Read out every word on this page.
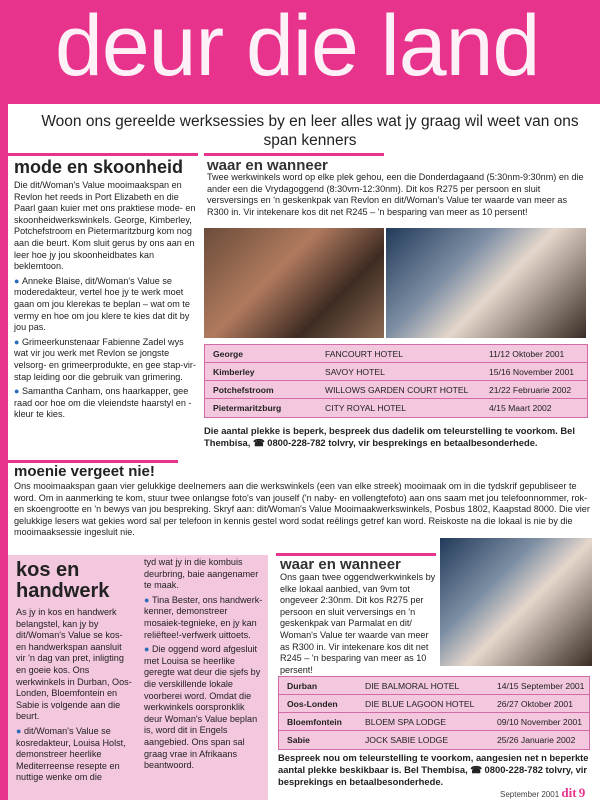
deur die land
Woon ons gereelde werksessies by en leer alles wat jy graag wil weet van ons span kenners
mode en skoonheid

Die dit/Woman's Value mooimaakspan en Revlon het reeds in Port Elizabeth en die Paarl gaan kuier met ons praktiese mode- en skoonheidwerkswinkels. George, Kimberley, Potchefstroom en Pietermaritzburg kom nog aan die beurt. Kom sluit gerus by ons aan en leer hoe jy jou skoonheidbates kan beklemtoon.

● Anneke Blaise, dit/Woman's Value se moderedakteur, vertel hoe jy te werk moet gaan om jou klerekas te beplan – wat om te vermy en hoe om jou klere te kies dat dit by jou pas.

● Grimeerkunstenaar Fabienne Zadel wys wat vir jou werk met Revlon se jongste velsorg- en grimeerprodukte, en gee stap-vir-stap leiding oor die gebruik van grimering.

● Samantha Canham, ons haarkapper, gee raad oor hoe om die vleiendste haarstyl en -kleur te kies.

waar en wanneer
Twee werkwinkels word op elke plek gehou, een die Donderdagaand (5:30nm-9:30nm) en die ander een die Vrydagoggend (8:30vm-12:30nm). Dit kos R275 per persoon en sluit versversings en 'n geskenkpak van Revlon en dit/Woman's Value ter waarde van meer as R300 in. Vir intekenare kos dit net R245 – 'n besparing van meer as 10 persent!
George	FANCOURT HOTEL	11/12 Oktober 2001
Kimberley	SAVOY HOTEL	15/16 November 2001
Potchefstroom	WILLOWS GARDEN COURT HOTEL	21/22 Februarie 2002
Pietermaritzburg	CITY ROYAL HOTEL	4/15 Maart 2002
Die aantal plekke is beperk, bespreek dus dadelik om teleurstelling te voorkom. Bel Thembisa, ☎ 0800-228-782 tolvry, vir besprekings en betaalbesonderhede.
moenie vergeet nie!
Ons mooimaakspan gaan vier gelukkige deelnemers aan die werkswinkels (een van elke streek) mooimaak om in die tydskrif gepubliseer te word. Om in aanmerking te kom, stuur twee onlangse foto's van jouself ('n naby- en vollengtefoto) aan ons saam met jou telefoonnommer, rok- en skoengrootte en 'n bewys van jou bespreking. Skryf aan: dit/Woman's Value Mooimaakwerkswinkels, Posbus 1802, Kaapstad 8000. Die vier gelukkige lesers wat gekies word sal per telefoon in kennis gestel word sodat reëlings getref kan word. Reiskoste na die lokaal is nie by die mooimaaksessie ingesluit nie.
kos en
handwerk

As jy in kos en handwerk belangstel, kan jy by dit/Woman's Value se kos- en handwerkspan aansluit vir 'n dag van pret, inligting en goeie kos. Ons werkwinkels in Durban, Oos-Londen, Bloemfontein en Sabie is volgende aan die beurt.

● dit/Woman's Value se kosredakteur, Louisa Holst, demonstreer heerlike Mediterreense resepte en nuttige wenke om die

tyd wat jy in die kombuis deurbring, baie aangenamer te maak.

● Tina Bester, ons handwerk-kenner, demonstreer mosaiek-tegnieke, en jy kan reliëftee!-verfwerk uittoets.

● Die oggend word afgesluit met Louisa se heerlike geregte wat deur die sjefs by die verskillende lokale voorberei word. Omdat die werkwinkels oorspronklik deur Woman's Value beplan is, word dit in Engels aangebied. Ons span sal graag vrae in Afrikaans beantwoord.

waar en wanneer
Ons gaan twee oggendwerkwinkels by elke lokaal aanbied, van 9vm tot ongeveer 2:30nm. Dit kos R275 per persoon en sluit verversings en 'n geskenkpak van Parmalat en dit/ Woman's Value ter waarde van meer as R300 in. Vir intekenare kos dit net R245 – 'n besparing van meer as 10 persent!
Durban	DIE BALMORAL HOTEL	14/15 September 2001
Oos-Londen	DIE BLUE LAGOON HOTEL	26/27 Oktober 2001
Bloemfontein	BLOEM SPA LODGE	09/10 November 2001
Sabie	JOCK SABIE LODGE	25/26 Januarie 2002
Bespreek nou om teleurstelling te voorkom, aangesien net n beperkte aantal plekke beskikbaar is. Bel Thembisa, ☎ 0800-228-782 tolvry, vir besprekings en betaalbesonderhede.
September 2001 dit 9
